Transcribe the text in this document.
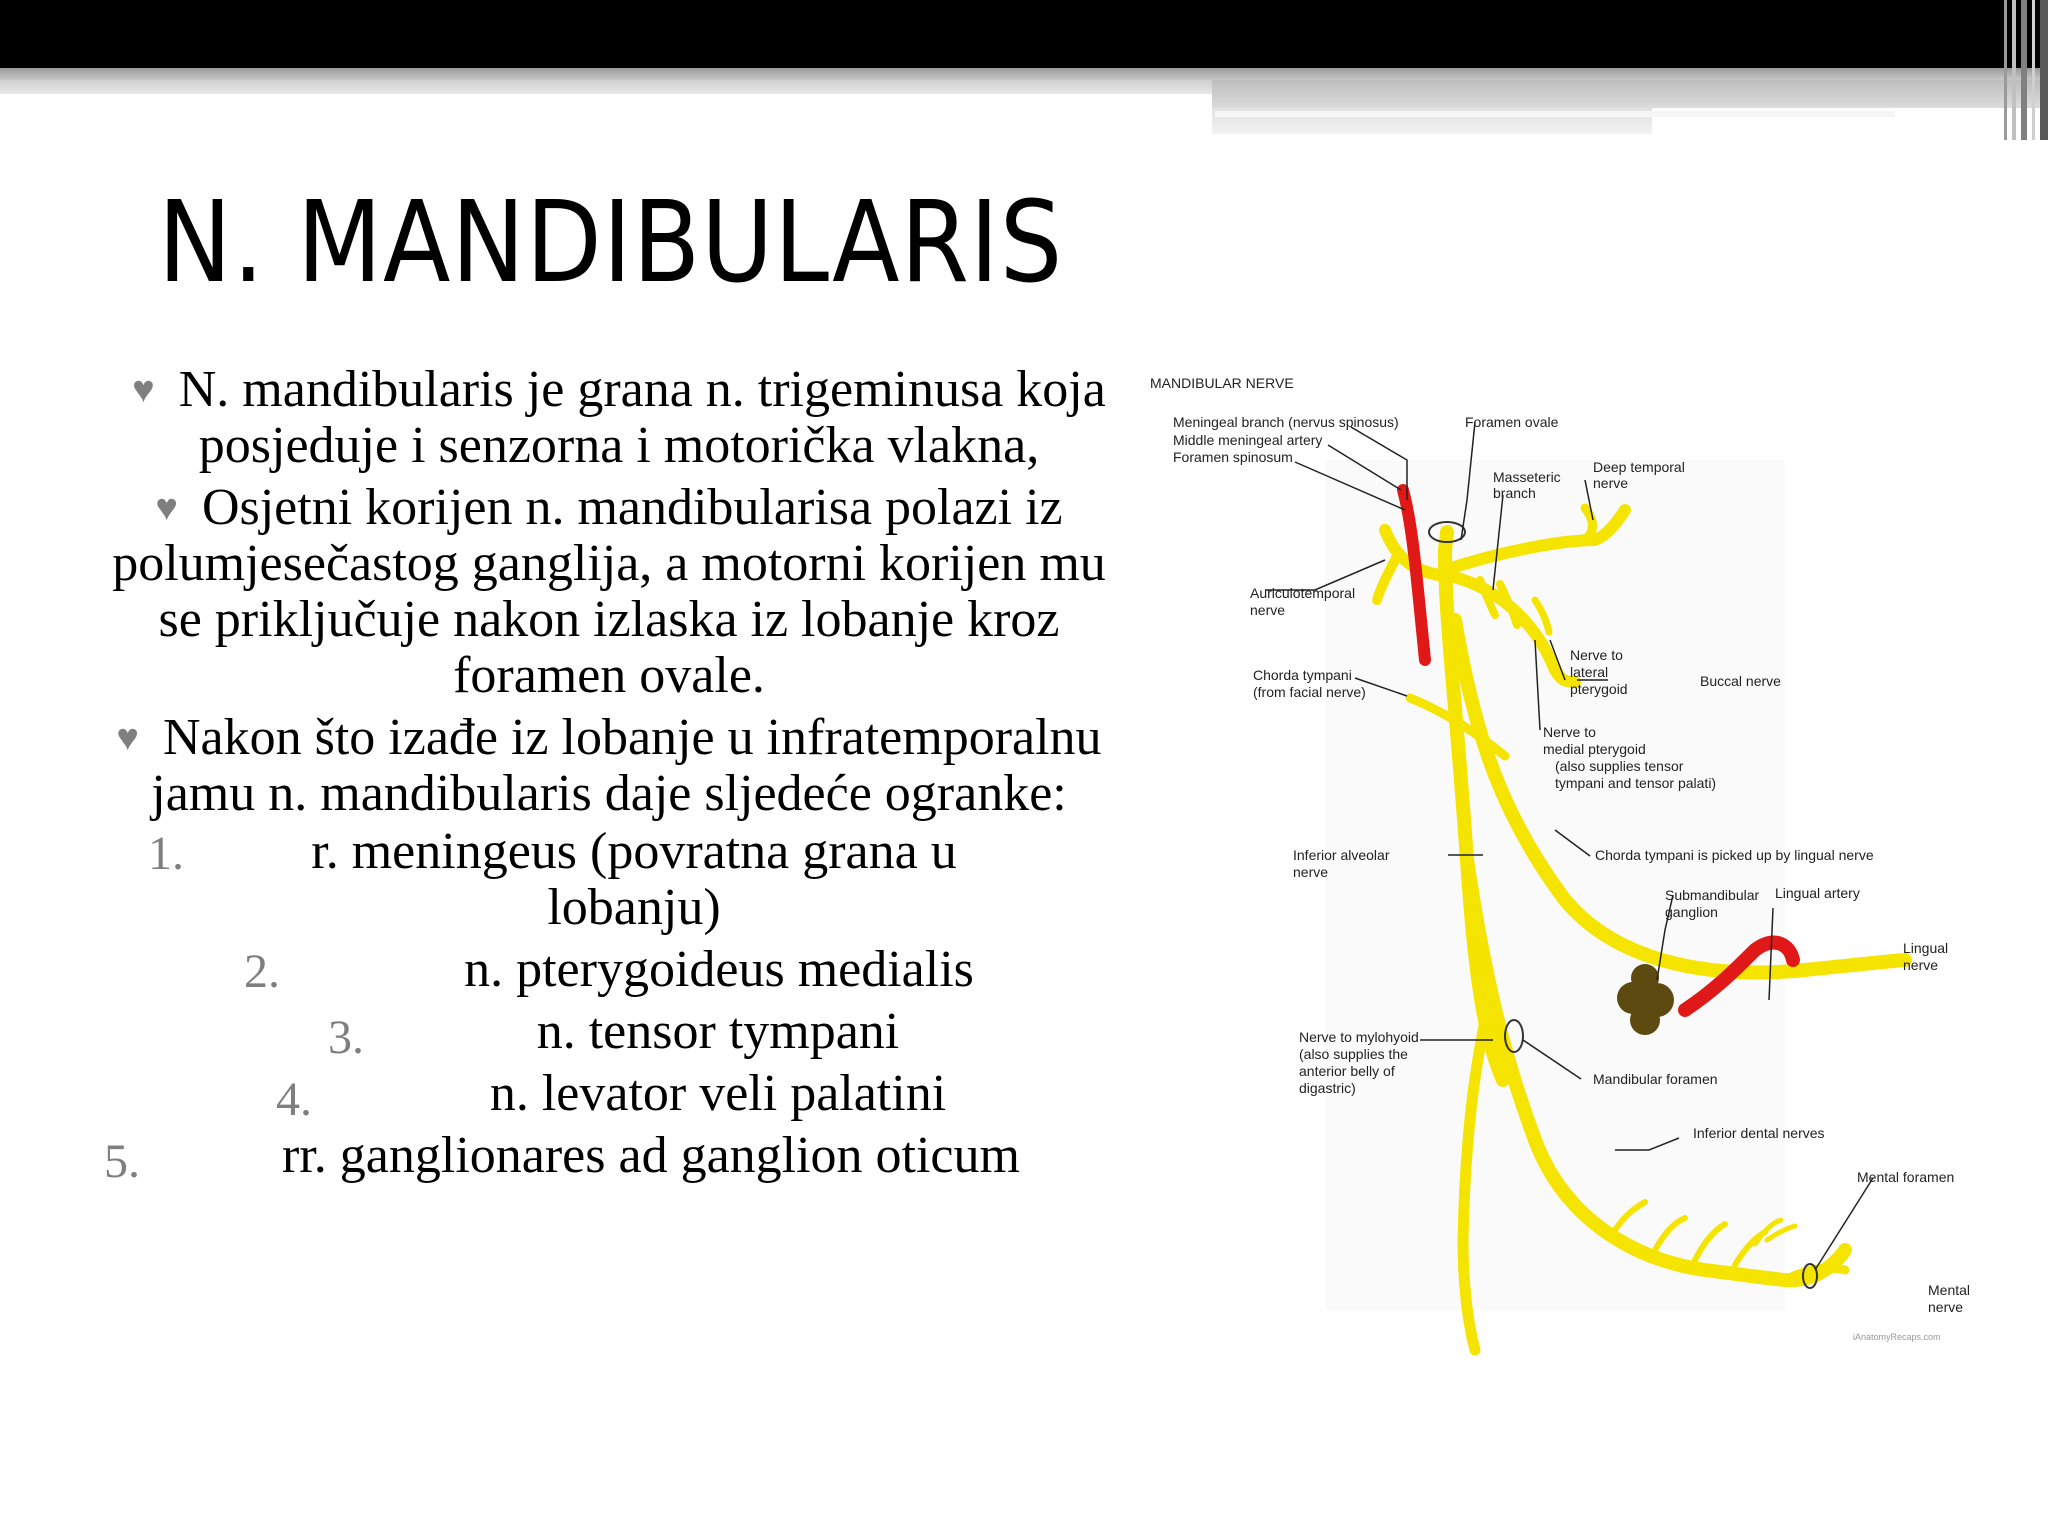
N. MANDIBULARIS

♥ N. mandibularis je grana n. trigeminusa koja posjeduje i senzorna i motorička vlakna,

♥ Osjetni korijen n. mandibularisa polazi iz polumjesečastog ganglija, a motorni korijen mu se priključuje nakon izlaska iz lobanje kroz foramen ovale.

♥ Nakon što izađe iz lobanje u infratemporalnu jamu n. mandibularis daje sljedeće ogranke:

1. r. meningeus (povratna grana u lobanju)
2.	n. pterygoideus medialis
3.	n. tensor tympani
4.	n. levator veli palatini
5.	rr. ganglionares ad ganglion oticum
MANDIBULAR NERVE
Meningeal branch (nervus spinosus)
Middle meningeal artery
Foramen spinosum
Foramen ovale
Masseteric
branch
Deep temporal
nerve
Auriculotemporal
nerve
Chorda tympani
(from facial nerve)
Nerve to
lateral
pterygoid	Buccal nerve
Nerve to
medial pterygoid
(also supplies tensor
tympani and tensor palati)
Inferior alveolar
nerve
Chorda tympani is picked up by lingual nerve
Submandibular
ganglion
Lingual artery
Lingual
nerve
Nerve to mylohyoid
(also supplies the
anterior belly of
digastric)
Mandibular foramen
Inferior dental nerves
Mental foramen
Mental
nerve
iAnatomyRecaps.com
